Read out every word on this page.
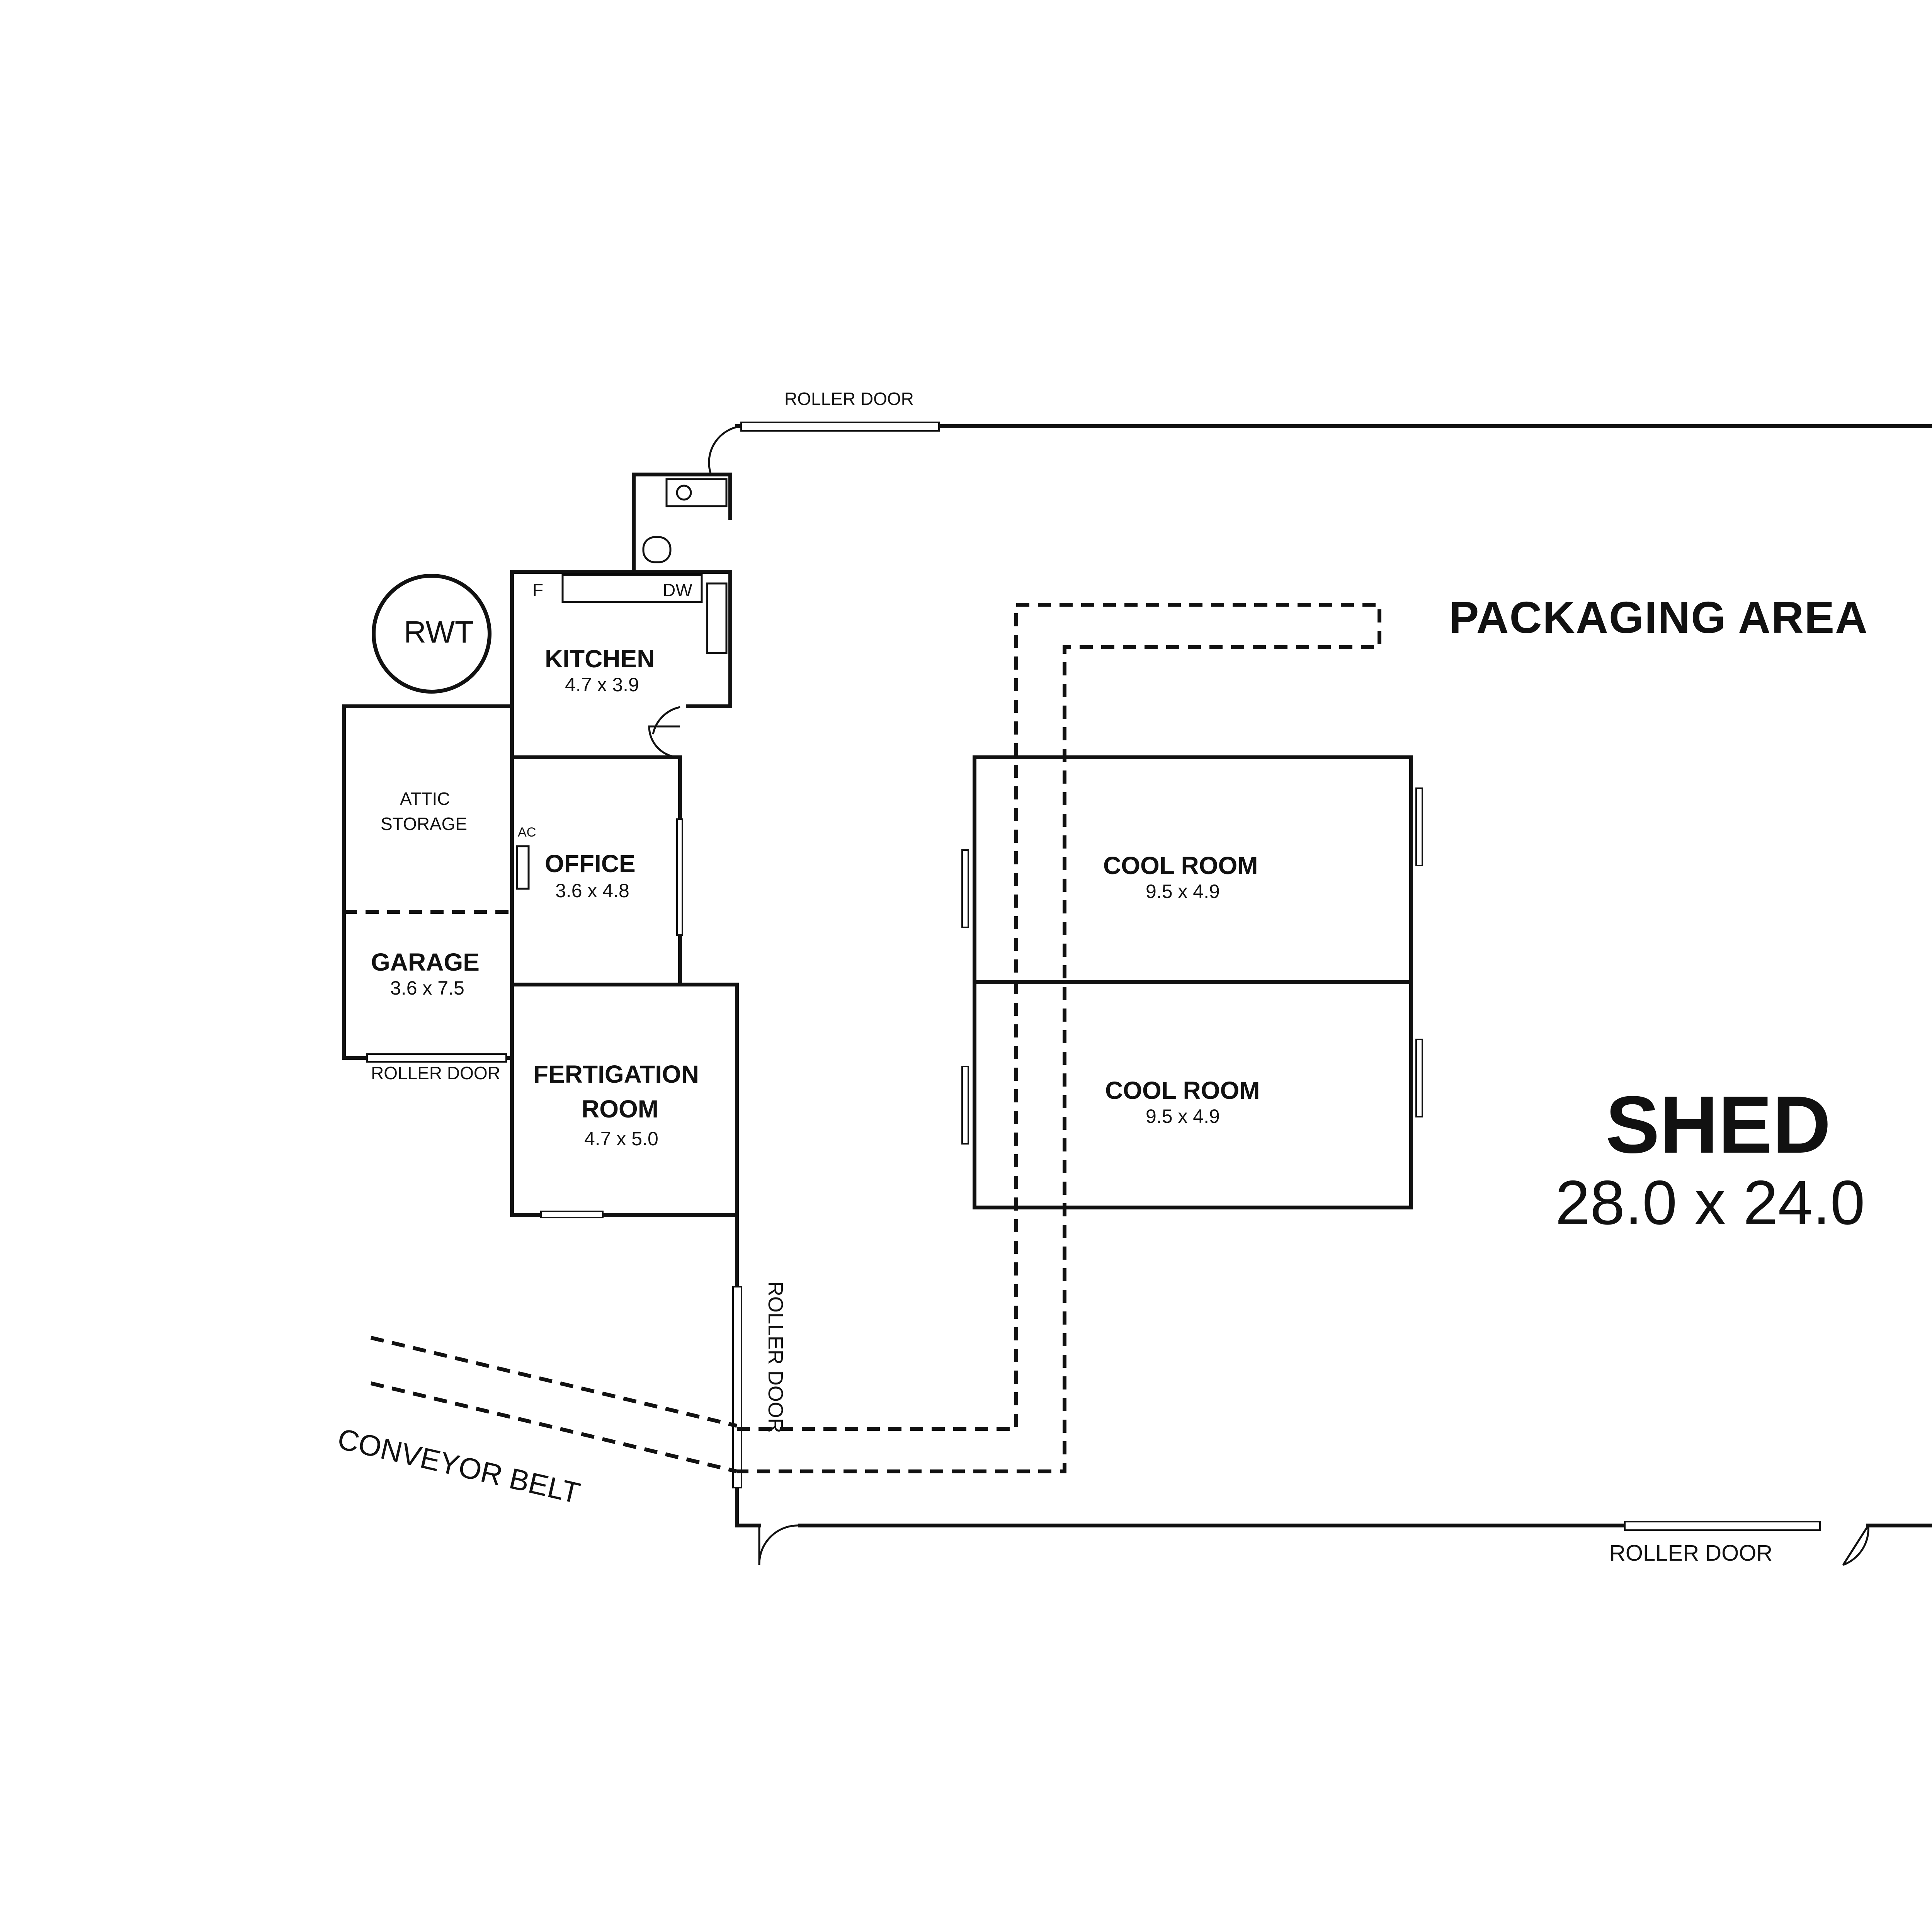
PACKAGING AREA
SHED
28.0 x 24.0
COOL ROOM
9.5 x 4.9
COOL ROOM
9.5 x 4.9
KITCHEN
4.7 x 3.9
OFFICE
3.6 x 4.8
ATTIC
STORAGE
GARAGE
3.6 x 7.5
FERTIGATION
ROOM
4.7 x 5.0
RWT
ROLLER DOOR
ROLLER DOOR
ROLLER DOOR
ROLLER DOOR
CONVEYOR BELT
F	DW
AC
